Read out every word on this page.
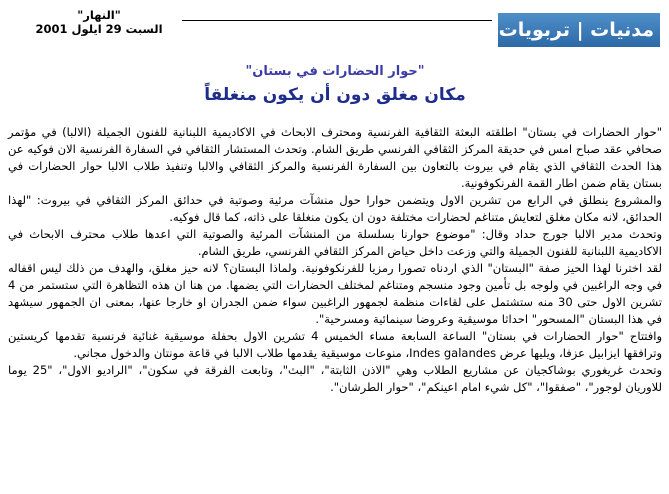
"النهار"
السبت 29 ايلول 2001	مدنيات | تربويات
"حوار الحضارات في بستان"
مكان مغلق دون أن يكون منغلقاً

"حوار الحضارات في بستان" اطلقته البعثة الثقافية الفرنسية ومحترف الابحاث في الاكاديمية اللبنانية للفنون الجميلة (الالبا) في مؤتمر صحافي عقد صباح امس في حديقة المركز الثقافي الفرنسي طريق الشام. وتحدث المستشار الثقافي في السفارة الفرنسية الان فوكيه عن هذا الحدث الثقافي الذي يقام في بيروت بالتعاون بين السفارة الفرنسية والمركز الثقافي والالبا وتنفيذ طلاب الالبا حوار الحضارات في بستان يقام ضمن اطار القمة الفرنكوفونية.

والمشروع ينطلق في الرابع من تشرين الاول ويتضمن حوارا حول منشآت مرئية وصوتية في حدائق المركز الثقافي في بيروت: "لهذا الحدائق، لانه مكان مغلق لتعايش متناغم لحضارات مختلفة دون ان يكون منغلقا على ذاته، كما قال فوكيه.

وتحدث مدير الالبا جورج حداد وقال: "موضوع حوارنا بسلسلة من المنشآت المرئية والصوتية التي اعدها طلاب محترف الابحاث في الاكاديمية اللبنانية للفنون الجميلة والتي وزعت داخل حياض المركز الثقافي الفرنسي، طريق الشام.

لقد اخترنا لهذا الحيز صفة "البستان" الذي اردناه تصورا رمزيا للفرنكوفونية. ولماذا البستان؟ لانه حيز مغلق، والهدف من ذلك ليس اقفاله في وجه الراغبين في ولوجه بل تأمين وجود منسجم ومتناغم لمختلف الحضارات التي يضمها. من هنا ان هذه التظاهرة التي ستستمر من 4 تشرين الاول حتى 30 منه ستشتمل على لقاءات منظمة لجمهور الراغبين سواء ضمن الجدران او خارجا عنها، بمعنى ان الجمهور سيشهد في هذا البستان "المسحور" احداثا موسيقية وعروضا سينمائية ومسرحية".

وافتتاح "حوار الحضارات في بستان" الساعة السابعة مساء الخميس 4 تشرين الاول بحفلة موسيقية غنائية فرنسية تقدمها كريستين وترافقها ايزابيل عزفا، ويليها عرض Indes galandes، منوعات موسيقية يقدمها طلاب الالبا في قاعة مونتان والدخول مجاني.

وتحدث غريغوري بوشاكجيان عن مشاريع الطلاب وهي "الاذن الثابتة"، "البث"، وتابعت الفرقة في سكون"، "الراديو الاول"، "25 يوما للاوريان لوجور"، "صفقوا"، "كل شيء امام اعينكم"، "حوار الطرشان".
